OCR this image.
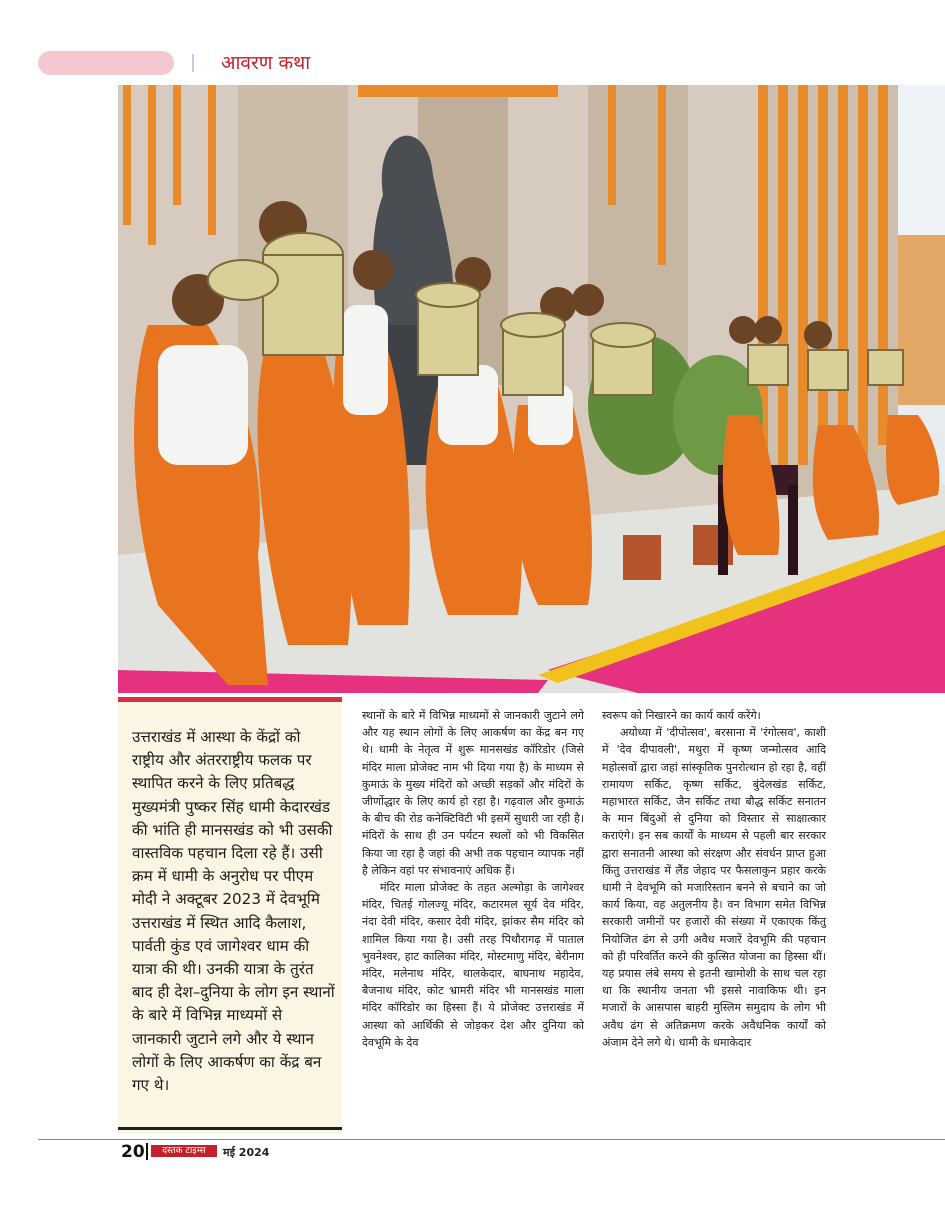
आवरण कथा
उत्तराखंड में आस्था के केंद्रों को राष्ट्रीय और अंतरराष्ट्रीय फलक पर स्थापित करने के लिए प्रतिबद्ध मुख्यमंत्री पुष्कर सिंह धामी केदारखंड की भांति ही मानसखंड को भी उसकी वास्तविक पहचान दिला रहे हैं। उसी क्रम में धामी के अनुरोध पर पीएम मोदी ने अक्टूबर 2023 में देवभूमि उत्तराखंड में स्थित आदि कैलाश, पार्वती कुंड एवं जागेश्वर धाम की यात्रा की थी। उनकी यात्रा के तुरंत बाद ही देश–दुनिया के लोग इन स्थानों के बारे में विभिन्न माध्यमों से जानकारी जुटाने लगे और ये स्थान लोगों के लिए आकर्षण का केंद्र बन गए थे।

स्थानों के बारे में विभिन्न माध्यमों से जानकारी जुटाने लगे और यह स्थान लोगों के लिए आकर्षण का केंद्र बन गए थे। धामी के नेतृत्व में शुरू मानसखंड कॉरिडोर (जिसे मंदिर माला प्रोजेक्ट नाम भी दिया गया है) के माध्यम से कुमाऊं के मुख्य मंदिरों को अच्छी सड़कों और मंदिरों के जीर्णोद्धार के लिए कार्य हो रहा है। गढ़वाल और कुमाऊं के बीच की रोड कनेक्टिविटी भी इसमें सुधारी जा रही है। मंदिरों के साथ ही उन पर्यटन स्थलों को भी विकसित किया जा रहा है जहां की अभी तक पहचान व्यापक नहीं है लेकिन वहां पर संभावनाएं अधिक हैं।

मंदिर माला प्रोजेक्ट के तहत अल्मोड़ा के जागेश्वर मंदिर, चितई गोलज्यू मंदिर, कटारमल सूर्य देव मंदिर, नंदा देवी मंदिर, कसार देवी मंदिर, झांकर सैम मंदिर को शामिल किया गया है। उसी तरह पिथौरागढ़ में पाताल भुवनेश्वर, हाट कालिका मंदिर, मोस्टमाणु मंदिर, बेरीनाग मंदिर, मलेनाथ मंदिर, थालकेदार, बाघनाथ महादेव, बैजनाथ मंदिर, कोट भ्रामरी मंदिर भी मानसखंड माला मंदिर कॉरिडोर का हिस्सा हैं। ये प्रोजेक्ट उत्तराखंड में आस्था को आर्थिकी से जोड़कर देश और दुनिया को देवभूमि के देव

स्वरूप को निखारने का कार्य कार्य करेंगे।

अयोध्या में 'दीपोत्सव', बरसाना में 'रंगोत्सव', काशी में 'देव दीपावली', मथुरा में कृष्ण जन्मोत्सव आदि महोत्सवों द्वारा जहां सांस्कृतिक पुनरोत्थान हो रहा है, वहीं रामायण सर्किट, कृष्ण सर्किट, बुंदेलखंड सर्किट, महाभारत सर्किट, जैन सर्किट तथा बौद्ध सर्किट सनातन के मान बिंदुओं से दुनिया को विस्तार से साक्षात्कार कराएंगे। इन सब कार्यों के माध्यम से पहली बार सरकार द्वारा सनातनी आस्था को संरक्षण और संवर्धन प्राप्त हुआ किंतु उत्तराखंड में लैंड जेहाद पर फैसलाकुन प्रहार करके धामी ने देवभूमि को मजारिस्तान बनने से बचाने का जो कार्य किया, वह अतुलनीय है। वन विभाग समेत विभिन्न सरकारी जमीनों पर हजारों की संख्या में एकाएक किंतु नियोजित ढंग से उगी अवैध मजारें देवभूमि की पहचान को ही परिवर्तित करने की कुत्सित योजना का हिस्सा थीं। यह प्रयास लंबे समय से इतनी खामोशी के साथ चल रहा था कि स्थानीय जनता भी इससे नावाकिफ थी। इन मजारों के आसपास बाहरी मुस्लिम समुदाय के लोग भी अवैध ढंग से अतिक्रमण करके अवैधनिक कार्यों को अंजाम देने लगे थे। धामी के धमाकेदार

20	दस्तक टाइम्स	मई 2024
